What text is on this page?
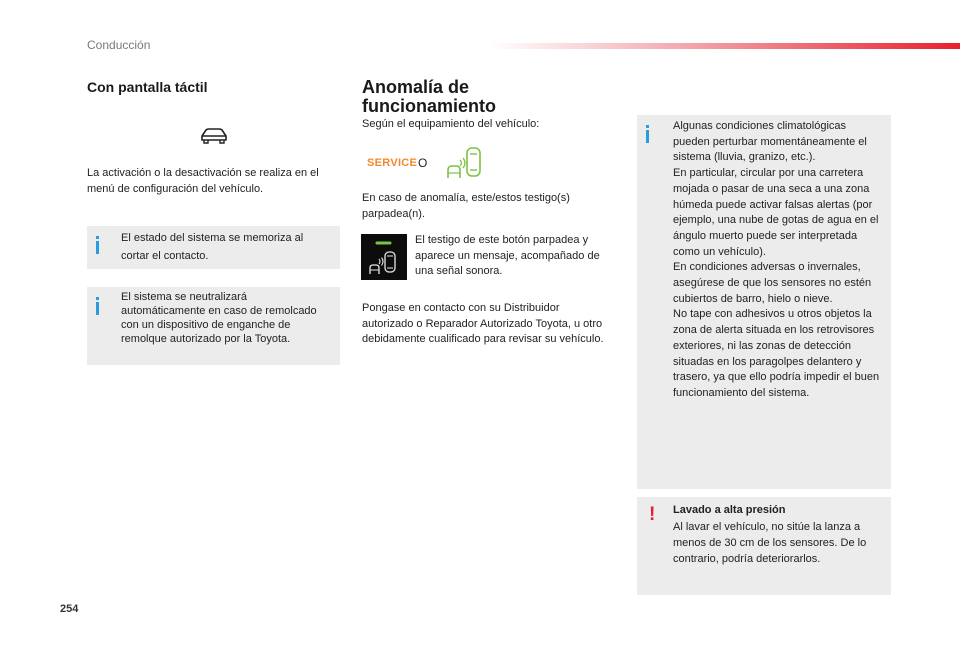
Conducción
Con pantalla táctil
La activación o la desactivación se realiza en el menú de configuración del vehículo.
El estado del sistema se memoriza al cortar el contacto.
El sistema se neutralizará automáticamente en caso de remolcado con un dispositivo de enganche de remolque autorizado por la Toyota.
Anomalía de funcionamiento
Según el equipamiento del vehículo:
SERVICE O
En caso de anomalía, este/estos testigo(s) parpadea(n).
El testigo de este botón parpadea y aparece un mensaje, acompañado de una señal sonora.
Pongase en contacto con su Distribuidor autorizado o Reparador Autorizado Toyota, u otro debidamente cualificado para revisar su vehículo.
Algunas condiciones climatológicas pueden perturbar momentáneamente el sistema (lluvia, granizo, etc.).
En particular, circular por una carretera mojada o pasar de una seca a una zona húmeda puede activar falsas alertas (por ejemplo, una nube de gotas de agua en el ángulo muerto puede ser interpretada como un vehículo).
En condiciones adversas o invernales, asegúrese de que los sensores no estén cubiertos de barro, hielo o nieve.
No tape con adhesivos u otros objetos la zona de alerta situada en los retrovisores exteriores, ni las zonas de detección situadas en los paragolpes delantero y trasero, ya que ello podría impedir el buen funcionamiento del sistema.
! Lavado a alta presión
Al lavar el vehículo, no sitúe la lanza a menos de 30 cm de los sensores. De lo contrario, podría deteriorarlos.
254
